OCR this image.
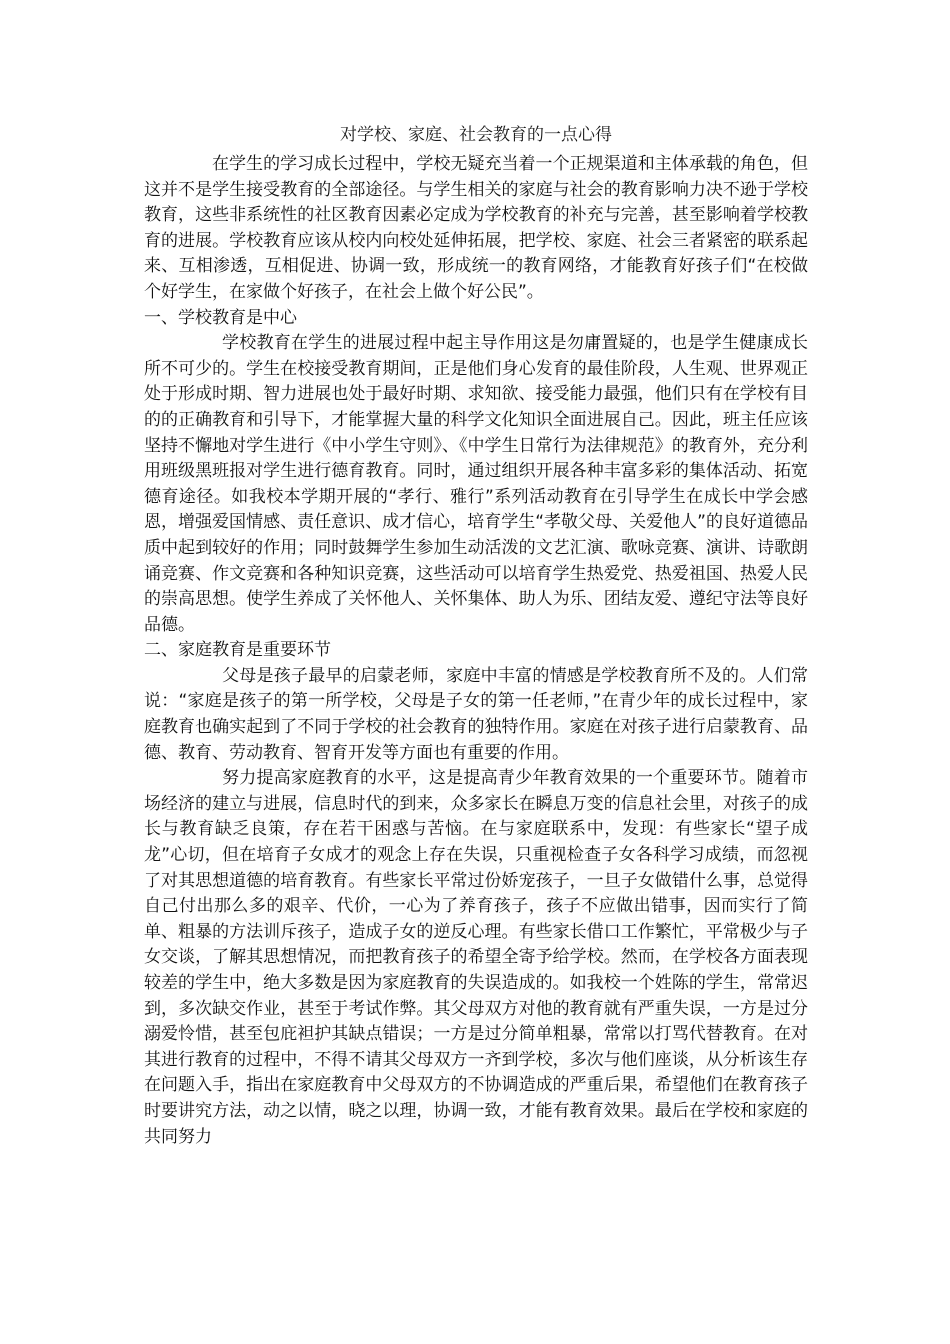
对学校、家庭、社会教育的一点心得

在学生的学习成长过程中，学校无疑充当着一个正规渠道和主体承载的角色，但这并不是学生接受教育的全部途径。与学生相关的家庭与社会的教育影响力决不逊于学校教育，这些非系统性的社区教育因素必定成为学校教育的补充与完善，甚至影响着学校教育的进展。学校教育应该从校内向校处延伸拓展，把学校、家庭、社会三者紧密的联系起来、互相渗透，互相促进、协调一致，形成统一的教育网络，才能教育好孩子们“在校做个好学生，在家做个好孩子，在社会上做个好公民”。

一、学校教育是中心

学校教育在学生的进展过程中起主导作用这是勿庸置疑的，也是学生健康成长所不可少的。学生在校接受教育期间，正是他们身心发育的最佳阶段，人生观、世界观正处于形成时期、智力进展也处于最好时期、求知欲、接受能力最强，他们只有在学校有目的的正确教育和引导下，才能掌握大量的科学文化知识全面进展自己。因此，班主任应该坚持不懈地对学生进行《中小学生守则》、《中学生日常行为法律规范》的教育外，充分利用班级黑班报对学生进行德育教育。同时，通过组织开展各种丰富多彩的集体活动、拓宽德育途径。如我校本学期开展的“孝行、雅行”系列活动教育在引导学生在成长中学会感恩，增强爱国情感、责任意识、成才信心，培育学生“孝敬父母、关爱他人”的良好道德品质中起到较好的作用；同时鼓舞学生参加生动活泼的文艺汇演、歌咏竞赛、演讲、诗歌朗诵竞赛、作文竞赛和各种知识竞赛，这些活动可以培育学生热爱党、热爱祖国、热爱人民的崇高思想。使学生养成了关怀他人、关怀集体、助人为乐、团结友爱、遵纪守法等良好品德。

二、家庭教育是重要环节

父母是孩子最早的启蒙老师，家庭中丰富的情感是学校教育所不及的。人们常说：“家庭是孩子的第一所学校，父母是子女的第一任老师，”在青少年的成长过程中，家庭教育也确实起到了不同于学校的社会教育的独特作用。家庭在对孩子进行启蒙教育、品德、教育、劳动教育、智育开发等方面也有重要的作用。

努力提高家庭教育的水平，这是提高青少年教育效果的一个重要环节。随着市场经济的建立与进展，信息时代的到来，众多家长在瞬息万变的信息社会里，对孩子的成长与教育缺乏良策，存在若干困惑与苦恼。在与家庭联系中，发现：有些家长“望子成龙”心切，但在培育子女成才的观念上存在失误，只重视检查子女各科学习成绩，而忽视了对其思想道德的培育教育。有些家长平常过份娇宠孩子，一旦子女做错什么事，总觉得自己付出那么多的艰辛、代价，一心为了养育孩子，孩子不应做出错事，因而实行了简单、粗暴的方法训斥孩子，造成子女的逆反心理。有些家长借口工作繁忙，平常极少与子女交谈，了解其思想情况，而把教育孩子的希望全寄予给学校。然而，在学校各方面表现较差的学生中，绝大多数是因为家庭教育的失误造成的。如我校一个姓陈的学生，常常迟到，多次缺交作业，甚至于考试作弊。其父母双方对他的教育就有严重失误，一方是过分溺爱怜惜，甚至包庇袒护其缺点错误；一方是过分简单粗暴，常常以打骂代替教育。在对其进行教育的过程中，不得不请其父母双方一齐到学校，多次与他们座谈，从分析该生存在问题入手，指出在家庭教育中父母双方的不协调造成的严重后果，希望他们在教育孩子时要讲究方法，动之以情，晓之以理，协调一致，才能有教育效果。最后在学校和家庭的共同努力
